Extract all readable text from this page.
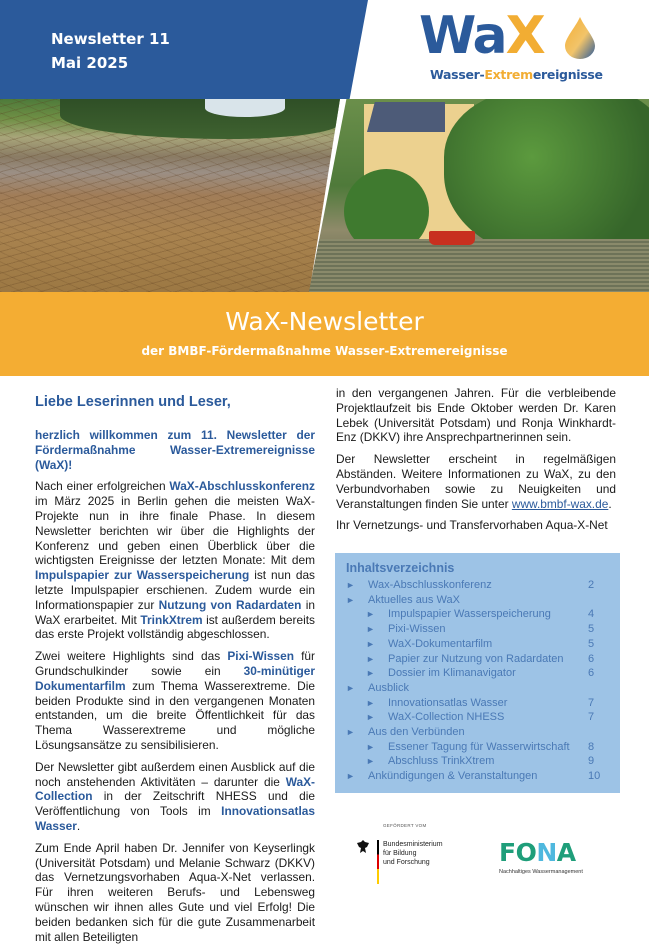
Newsletter 11
Mai 2025	WaX
Wasser-Extremereignisse
WaX-Newsletter
der BMBF-Fördermaßnahme Wasser-Extremereignisse
Liebe Leserinnen und Leser,
herzlich willkommen zum 11. Newsletter der Fördermaßnahme Wasser-Extremereignisse (WaX)!
Nach einer erfolgreichen WaX-Abschlusskonferenz im März 2025 in Berlin gehen die meisten WaX-Projekte nun in ihre finale Phase. In diesem Newsletter berichten wir über die Highlights der Konferenz und geben einen Überblick über die wichtigsten Ereignisse der letzten Monate: Mit dem Impulspapier zur Wasserspeicherung ist nun das letzte Impulspapier erschienen. Zudem wurde ein Informationspapier zur Nutzung von Radardaten in WaX erarbeitet. Mit TrinkXtrem ist außerdem bereits das erste Projekt vollständig abgeschlossen.
Zwei weitere Highlights sind das Pixi-Wissen für Grundschulkinder sowie ein 30-minütiger Dokumentarfilm zum Thema Wasserextreme. Die beiden Produkte sind in den vergangenen Monaten entstanden, um die breite Öffentlichkeit für das Thema Wasserextreme und mögliche Lösungsansätze zu sensibilisieren.
Der Newsletter gibt außerdem einen Ausblick auf die noch anstehenden Aktivitäten – darunter die WaX-Collection in der Zeitschrift NHESS und die Veröffentlichung von Tools im Innovationsatlas Wasser.
Zum Ende April haben Dr. Jennifer von Keyserlingk (Universität Potsdam) und Melanie Schwarz (DKKV) das Vernetzungsvorhaben Aqua-X-Net verlassen. Für ihren weiteren Berufs- und Lebensweg wünschen wir ihnen alles Gute und viel Erfolg! Die beiden bedanken sich für die gute Zusammenarbeit mit allen Beteiligten
in den vergangenen Jahren. Für die verbleibende Projektlaufzeit bis Ende Oktober werden Dr. Karen Lebek (Universität Potsdam) und Ronja Winkhardt-Enz (DKKV) ihre Ansprechpartnerinnen sein.
Der Newsletter erscheint in regelmäßigen Abständen. Weitere Informationen zu WaX, zu den Verbundvorhaben sowie zu Neuigkeiten und Veranstaltungen finden Sie unter www.bmbf-wax.de.
Ihr Vernetzungs- und Transfervorhaben Aqua-X-Net
Inhaltsverzeichnis
►	Wax-Abschlusskonferenz	2
►	Aktuelles aus WaX
►	Impulspapier Wasserspeicherung	4
►	Pixi-Wissen	5
►	WaX-Dokumentarfilm	5
►	Papier zur Nutzung von Radardaten	6
►	Dossier im Klimanavigator	6
►	Ausblick
►	Innovationsatlas Wasser	7
►	WaX-Collection NHESS	7
►	Aus den Verbünden
►	Essener Tagung für Wasserwirtschaft	8
►	Abschluss TrinkXtrem	9
►	Ankündigungen & Veranstaltungen	10
GEFÖRDERT VOM
Bundesministerium
für Bildung
und Forschung	FONA
Nachhaltiges Wassermanagement
